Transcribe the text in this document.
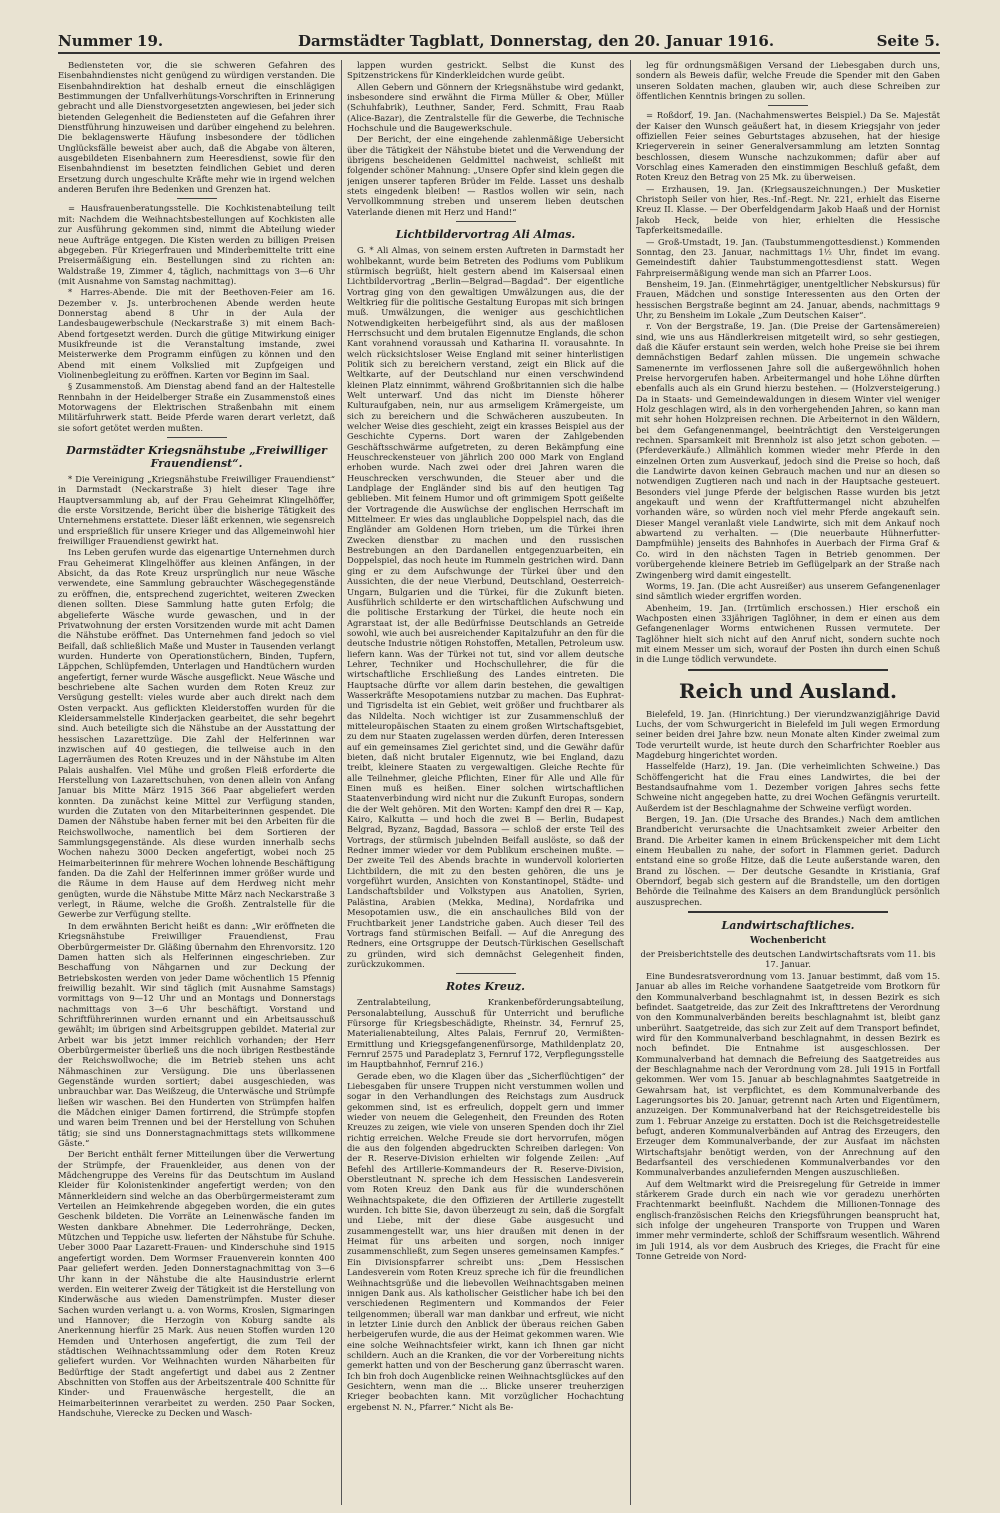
Nummer 19.	Darmstädter Tagblatt, Donnerstag, den 20. Januar 1916.	Seite 5.

Bediensteten vor, die sie schweren Gefahren des Eisenbahndienstes nicht genügend zu würdigen verstanden. Die Eisenbahndirektion hat deshalb erneut die einschlägigen Bestimmungen der Unfallverhütungs-Vorschriften in Erinnerung gebracht und alle Dienstvorgesetzten angewiesen, bei jeder sich bietenden Gelegenheit die Bediensteten auf die Gefahren ihrer Dienstführung hinzuweisen und darüber eingehend zu belehren. Die beklagenswerte Häufung insbesondere der tödlichen Unglücksfälle beweist aber auch, daß die Abgabe von älteren, ausgebildeten Eisenbahnern zum Heeresdienst, sowie für den Eisenbahndienst im besetzten feindlichen Gebiet und deren Ersetzung durch ungeschulte Kräfte mehr wie in irgend welchen anderen Berufen ihre Bedenken und Grenzen hat.

= Hausfrauenberatungsstelle. Die Kochkistenabteilung teilt mit: Nachdem die Weihnachtsbestellungen auf Kochkisten alle zur Ausführung gekommen sind, nimmt die Abteilung wieder neue Aufträge entgegen. Die Kisten werden zu billigen Preisen abgegeben. Für Kriegerfrauen und Minderbemittelte tritt eine Preisermäßigung ein. Bestellungen sind zu richten an: Waldstraße 19, Zimmer 4, täglich, nachmittags von 3—6 Uhr (mit Ausnahme von Samstag nachmittag).

* Harres-Abende. Die mit der Beethoven-Feier am 16. Dezember v. Js. unterbrochenen Abende werden heute Donnerstag abend 8 Uhr in der Aula der Landesbaugewerbschule (Neckarstraße 3) mit einem Bach-Abend fortgesetzt werden. Durch die gütige Mitwirkung einiger Musikfreunde ist die Veranstaltung imstande, zwei Meisterwerke dem Programm einfügen zu können und den Abend mit einem Volkslied mit Zupfgeigen und Violinenbegleitung zu eröffnen. Karten vor Beginn im Saal.

§ Zusammenstoß. Am Dienstag abend fand an der Haltestelle Rennbahn in der Heidelberger Straße ein Zusammenstoß eines Motorwagens der Elektrischen Straßenbahn mit einem Militärfuhrwerk statt. Beide Pferde waren derart verletzt, daß sie sofort getötet werden mußten.

Darmstädter Kriegsnähstube „Freiwilliger Frauendienst“.

* Die Vereinigung „Kriegsnähstube Freiwilliger Frauendienst“ in Darmstadt (Neckarstraße 3) hielt dieser Tage ihre Hauptversammlung ab, auf der Frau Geheimrat Klingelhöffer, die erste Vorsitzende, Bericht über die bisherige Tätigkeit des Unternehmens erstattete. Dieser läßt erkennen, wie segensreich und ersprießlich für unsere Krieger und das Allgemeinwohl hier freiwilliger Frauendienst gewirkt hat.

Ins Leben gerufen wurde das eigenartige Unternehmen durch Frau Geheimerat Klingelhöffer aus kleinen Anfängen, in der Absicht, da das Rote Kreuz ursprünglich nur neue Wäsche verwendete, eine Sammlung gebrauchter Wäschegegenstände zu eröffnen, die, entsprechend zugerichtet, weiteren Zwecken dienen sollten. Diese Sammlung hatte guten Erfolg; die abgelieferte Wäsche wurde gewaschen, und in der Privatwohnung der ersten Vorsitzenden wurde mit acht Damen die Nähstube eröffnet. Das Unternehmen fand jedoch so viel Beifall, daß schließlich Maße und Muster in Tausenden verlangt wurden. Hunderte von Operationstüchern, Binden, Tupfern, Läppchen, Schlüpfemden, Unterlagen und Handtüchern wurden angefertigt, ferner wurde Wäsche ausgeflickt. Neue Wäsche und beschriebene alte Sachen wurden dem Roten Kreuz zur Versügung gestellt: vieles wurde aber auch direkt nach dem Osten verpackt. Aus geflickten Kleiderstoffen wurden für die Kleidersammelstelle Kinderjacken gearbeitet, die sehr begehrt sind. Auch beteiligte sich die Nähstube an der Ausstattung der hessischen Lazarettzüge. Die Zahl der Helferinnen war inzwischen auf 40 gestiegen, die teilweise auch in den Lagerräumen des Roten Kreuzes und in der Nähstube im Alten Palais aushalfen. Viel Mühe und großen Fleiß erforderte die Herstellung von Lazarettschuhen, von denen allein von Anfang Januar bis Mitte März 1915 366 Paar abgeliefert werden konnten. Da zunächst keine Mittel zur Verfügung standen, wurden die Zutaten von den Mitarbeiterinnen gespendet. Die Damen der Nähstube haben ferner mit bei den Arbeiten für die Reichswollwoche, namentlich bei dem Sortieren der Sammlungsgegenstände. Als diese wurden innerhalb sechs Wochen nahezu 3000 Decken angefertigt, wobei noch 25 Heimarbeiterinnen für mehrere Wochen lohnende Beschäftigung fanden. Da die Zahl der Helferinnen immer größer wurde und die Räume in dem Hause auf dem Herdweg nicht mehr genügten, wurde die Nähstube Mitte März nach Neckarstraße 3 verlegt, in Räume, welche die Großh. Zentralstelle für die Gewerbe zur Verfügung stellte.

In dem erwähnten Bericht heißt es dann: „Wir eröffneten die Kriegsnähstube Freiwilliger Frauendienst, Frau Oberbürgermeister Dr. Gläßing übernahm den Ehrenvorsitz. 120 Damen hatten sich als Helferinnen eingeschrieben. Zur Beschaffung von Nähgarnen und zur Deckung der Betriebskosten werden von jeder Dame wöchentlich 15 Pfennig freiwillig bezahlt. Wir sind täglich (mit Ausnahme Samstags) vormittags von 9—12 Uhr und an Montags und Donnerstags nachmittags von 3—6 Uhr beschäftigt. Vorstand und Schriftführerinnen wurden ernannt und ein Arbeitsausschuß gewählt; im übrigen sind Arbeitsgruppen gebildet. Material zur Arbeit war bis jetzt immer reichlich vorhanden; der Herr Oberbürgermeister überließ uns die noch übrigen Restbestände der Reichswollwoche; die im Betrieb stehen uns acht Nähmaschinen zur Versügung. Die uns überlassenen Gegenstände wurden sortiert; dabei ausgeschieden, was unbrauchbar war. Das Weißzeug, die Unterwäsche und Strümpfe ließen wir waschen. Bei den Hunderten von Strümpfen halfen die Mädchen einiger Damen fortirrend, die Strümpfe stopfen und waren beim Trennen und bei der Herstellung von Schuhen tätig; sie sind uns Donnerstagnachmittags stets willkommene Gäste.“

Der Bericht enthält ferner Mitteilungen über die Verwertung der Strümpfe, der Frauenkleider, aus denen von der Mädchengruppe des Vereins für das Deutschtum im Ausland Kleider für Kolonistenkinder angefertigt werden; von den Männerkleidern sind welche an das Oberbürgermeisteramt zum Verteilen an Heimkehrende abgegeben worden, die ein gutes Geschenk bildeten. Die Vorräte an Leinenwäsche fanden im Westen dankbare Abnehmer. Die Lederrohränge, Decken, Mützchen und Teppiche usw. lieferten der Nähstube für Schuhe. Ueber 3000 Paar Lazarett-Frauen- und Kinderschuhe sind 1915 angefertigt worden. Dem Wormser Frauenverein konnten 400 Paar geliefert werden. Jeden Donnerstagnachmittag von 3—6 Uhr kann in der Nähstube die alte Hausindustrie erlernt werden. Ein weiterer Zweig der Tätigkeit ist die Herstellung von Kinderwäsche aus wieden Damenstrümpfen. Muster dieser Sachen wurden verlangt u. a. von Worms, Kroslen, Sigmaringen und Hannover; die Herzogin von Koburg sandte als Anerkennung hierfür 25 Mark. Aus neuen Stoffen wurden 120 Hemden und Unterhosen angefertigt, die zum Teil der städtischen Weihnachtssammlung oder dem Roten Kreuz geliefert wurden. Vor Weihnachten wurden Näharbeiten für Bedürftige der Stadt angefertigt und dabei aus 2 Zentner Abschnitten von Stoffen aus der Arbeitszentrale 400 Schnitte für Kinder- und Frauenwäsche hergestellt, die an Heimarbeiterinnen verarbeitet zu werden. 250 Paar Socken, Handschuhe, Vierecke zu Decken und Wasch-

lappen wurden gestrickt. Selbst die Kunst des Spitzenstrickens für Kinderkleidchen wurde geübt.

Allen Gebern und Gönnern der Kriegsnähstube wird gedankt, insbesondere sind erwähnt die Firma Müller & Ober, Müller (Schuhfabrik), Leuthner, Sander, Ferd. Schmitt, Frau Raab (Alice-Bazar), die Zentralstelle für die Gewerbe, die Technische Hochschule und die Baugewerkschule.

Der Bericht, der eine eingehende zahlenmäßige Uebersicht über die Tätigkeit der Nähstube bietet und die Verwendung der übrigens bescheidenen Geldmittel nachweist, schließt mit folgender schöner Mahnung: „Unsere Opfer sind klein gegen die jenigen unserer tapferen Brüder im Felde. Lasset uns deshalb stets eingedenk bleiben! — Rastlos wollen wir sein, nach Vervollkommnung streben und unserem lieben deutschen Vaterlande dienen mit Herz und Hand!“

Lichtbildervortrag Ali Almas.

G. * Ali Almas, von seinem ersten Auftreten in Darmstadt her wohlbekannt, wurde beim Betreten des Podiums vom Publikum stürmisch begrüßt, hielt gestern abend im Kaisersaal einen Lichtbildervortrag „Berlin—Belgrad—Bagdad“. Der eigentliche Vortrag ging von den gewaltigen Umwälzungen aus, die der Weltkrieg für die politische Gestaltung Europas mit sich bringen muß. Umwälzungen, die weniger aus geschichtlichen Notwendigkeiten herbeigeführt sind, als aus der maßlosen Herrschsucht und dem brutalen Eigennutze Englands, die schon Kant vorahnend voraussah und Katharina II. vorausahnte. In welch rücksichtsloser Weise England mit seiner hinterlistigen Politik sich zu bereichern verstand, zeigt ein Blick auf die Weltkarte, auf der Deutschland nur einen verschwindend kleinen Platz einnimmt, während Großbritannien sich die halbe Welt unterwarf. Und das nicht im Dienste höherer Kulturaufgaben, nein, nur aus armseligem Krämergeiste, um sich zu bereichern und die Schwächeren auszubeuten. In welcher Weise dies geschieht, zeigt ein krasses Beispiel aus der Geschichte Cyperns. Dort waren der Zahlgebenden Geschäftsschwärme aufgetreten, zu deren Bekämpfung eine Heuschreckensteuer von jährlich 200 000 Mark von England erhoben wurde. Nach zwei oder drei Jahren waren die Heuschrecken verschwunden, die Steuer aber und die Landplage der Engländer sind bis auf den heutigen Tag geblieben. Mit feinem Humor und oft grimmigem Spott geißelte der Vortragende die Auswüchse der englischen Herrschaft im Mittelmeer. Er wies das unglaubliche Doppelspiel nach, das die Engländer am Goldenen Horn trieben, um die Türkei ihren Zwecken dienstbar zu machen und den russischen Bestrebungen an den Dardanellen entgegenzuarbeiten, ein Doppelspiel, das noch heute im Rummeln gestrichen wird. Dann ging er zu dem Aufschwunge der Türkei über und den Aussichten, die der neue Vierbund, Deutschland, Oesterreich-Ungarn, Bulgarien und die Türkei, für die Zukunft bieten. Ausführlich schilderte er den wirtschaftlichen Aufschwung und die politische Erstarkung der Türkei, die heute noch ein Agrarstaat ist, der alle Bedürfnisse Deutschlands an Getreide sowohl, wie auch bei ausreichender Kapitalzufuhr an den für die deutsche Industrie nötigen Rohstoffen, Metallen, Petroleum usw. liefern kann. Was der Türkei not tut, sind vor allem deutsche Lehrer, Techniker und Hochschullehrer, die für die wirtschaftliche Erschließung des Landes eintreten. Die Hauptsache dürfte vor allem darin bestehen, die gewaltigen Wasserkräfte Mesopotamiens nutzbar zu machen. Das Euphrat- und Tigrisdelta ist ein Gebiet, weit größer und fruchtbarer als das Nildelta. Noch wichtiger ist zur Zusammenschluß der mitteleuropäischen Staaten zu einem großen Wirtschaftsgebiet, zu dem nur Staaten zugelassen werden dürfen, deren Interessen auf ein gemeinsames Ziel gerichtet sind, und die Gewähr dafür bieten, daß nicht brutaler Eigennutz, wie bei England, dazu treibt, kleinere Staaten zu vergewaltigen. Gleiche Rechte für alle Teilnehmer, gleiche Pflichten, Einer für Alle und Alle für Einen muß es heißen. Einer solchen wirtschaftlichen Staatenverbindung wird nicht nur die Zukunft Europas, sondern die der Welt gehören. Mit den Worten: Kampf den drei R — Kap, Kairo, Kalkutta — und hoch die zwei B — Berlin, Budapest Belgrad, Byzanz, Bagdad, Bassora — schloß der erste Teil des Vortrags, der stürmisch jubelnden Beifall auslöste, so daß der Redner immer wieder vor dem Publikum erscheinen mußte. — Der zweite Teil des Abends brachte in wundervoll kolorierten Lichtbildern, die mit zu den besten gehören, die uns je vorgeführt wurden, Ansichten von Konstantinopel, Städte- und Landschaftsbilder und Volkstypen aus Anatolien, Syrien, Palästina, Arabien (Mekka, Medina), Nordafrika und Mesopotamien usw., die ein anschauliches Bild von der Fruchtbarkeit jener Landstriche gaben. Auch dieser Teil des Vortrags fand stürmischen Beifall. — Auf die Anregung des Redners, eine Ortsgruppe der Deutsch-Türkischen Gesellschaft zu gründen, wird sich demnächst Gelegenheit finden, zurückzukommen.

Rotes Kreuz.

Zentralabteilung, Krankenbeförderungsabteilung, Personalabteilung, Ausschuß für Unterricht und berufliche Fürsorge für Kriegsbeschädigte, Rheinstr. 34, Fernruf 25, Materialienabteilung, Altes Palais, Fernruf 20, Vermißten-Ermittlung und Kriegsgefangenenfürsorge, Mathildenplatz 20, Fernruf 2575 und Paradeplatz 3, Fernruf 172, Verpflegungsstelle im Hauptbahnhof, Fernruf 216.)

Gerade eben, wo die Klagen über das „Sicherflüchtigen“ der Liebesgaben für unsere Truppen nicht verstummen wollen und sogar in den Verhandlungen des Reichstags zum Ausdruck gekommen sind, ist es erfreulich, doppelt gern und immer wieder von neuem die Gelegenheit, den Freunden des Roten Kreuzes zu zeigen, wie viele von unseren Spenden doch ihr Ziel richtig erreichen. Welche Freude sie dort hervorrufen, mögen die aus den folgenden abgedruckten Schreiben darlegen: Von der R. Reserve-Division erhielten wir folgende Zeilen: „Auf Befehl des Artillerie-Kommandeurs der R. Reserve-Division, Oberstleutnant N. spreche ich dem Hessischen Landesverein vom Roten Kreuz den Dank aus für die wunderschönen Weihnachtspakete, die den Offizieren der Artillerie zugestellt wurden. Ich bitte Sie, davon überzeugt zu sein, daß die Sorgfalt und Liebe, mit der diese Gabe ausgesucht und zusammengestellt war, uns hier draußen mit denen in der Heimat für uns arbeiten und sorgen, noch inniger zusammenschließt, zum Segen unseres gemeinsamen Kampfes.“ Ein Divisionspfarrer schreibt uns: „Dem Hessischen Landesverein vom Roten Kreuz spreche ich für die freundlichen Weihnachtsgrüße und die liebevollen Weihnachtsgaben meinen innigen Dank aus. Als katholischer Geistlicher habe ich bei den verschiedenen Regimentern und Kommandos der Feier teilgenommen; überall war man dankbar und erfreut, wie nicht in letzter Linie durch den Anblick der überaus reichen Gaben herbeigerufen wurde, die aus der Heimat gekommen waren. Wie eine solche Weihnachtsfeier wirkt, kann ich Ihnen gar nicht schildern. Auch an die Kranken, die vor der Vorbereitung nichts gemerkt hatten und von der Bescherung ganz überrascht waren. Ich bin froh doch Augenblicke reinen Weihnachtsglückes auf den Gesichtern, wenn man die ... Blicke unserer treuherzigen Krieger beobachten kann. Mit vorzüglicher Hochachtung ergebenst N. N., Pfarrer.“ Nicht als Be-

leg für ordnungsmäßigen Versand der Liebesgaben durch uns, sondern als Beweis dafür, welche Freude die Spender mit den Gaben unseren Soldaten machen, glauben wir, auch diese Schreiben zur öffentlichen Kenntnis bringen zu sollen.

= Roßdorf, 19. Jan. (Nachahmenswertes Beispiel.) Da Se. Majestät der Kaiser den Wunsch geäußert hat, in diesem Kriegsjahr von jeder offiziellen Feier seines Geburtstages abzusehen, hat der hiesige Kriegerverein in seiner Generalversammlung am letzten Sonntag beschlossen, diesem Wunsche nachzukommen; dafür aber auf Vorschlag eines Kameraden den einstimmigen Beschluß gefaßt, dem Roten Kreuz den Betrag von 25 Mk. zu überweisen.

— Erzhausen, 19. Jan. (Kriegsauszeichnungen.) Der Musketier Christoph Seiler von hier, Res.-Inf.-Regt. Nr. 221, erhielt das Eiserne Kreuz II. Klasse. — Der Oberfeldgendarm Jakob Haaß und der Hornist Jakob Heck, beide von hier, erhielten die Hessische Tapferkeitsmedaille.

— Groß-Umstadt, 19. Jan. (Taubstummengottesdienst.) Kommenden Sonntag, den 23. Januar, nachmittags 1½ Uhr, findet im evang. Gemeindestift dahier Taubstummengottesdienst statt. Wegen Fahrpreisermäßigung wende man sich an Pfarrer Loos.

Bensheim, 19. Jan. (Einmehrtägiger, unentgeltlicher Nebskursus) für Frauen, Mädchen und sonstige Interessenten aus den Orten der hessischen Bergstraße beginnt am 24. Januar, abends, nachmittags 9 Uhr, zu Bensheim im Lokale „Zum Deutschen Kaiser“.

r. Von der Bergstraße, 19. Jan. (Die Preise der Gartensämereien) sind, wie uns aus Händlerkreisen mitgeteilt wird, so sehr gestiegen, daß die Käufer erstaunt sein werden, welch hohe Preise sie bei ihrem demnächstigen Bedarf zahlen müssen. Die ungemein schwache Samenernte im verflossenen Jahre soll die außergewöhnlich hohen Preise hervorgerufen haben. Arbeitermangel und hohe Löhne dürften ebenfalls auch als ein Grund hierzu bestehen. — (Holzversteigerung.) Da in Staats- und Gemeindewaldungen in diesem Winter viel weniger Holz geschlagen wird, als in den vorhergehenden Jahren, so kann man mit sehr hohen Holzpreisen rechnen. Die Arbeiternot in den Wäldern, bei dem Gefangenenmangel, beeinträchtigt den Versteigerungen rechnen. Sparsamkeit mit Brennholz ist also jetzt schon geboten. — (Pferdeverkäufe.) Allmählich kommen wieder mehr Pferde in den einzelnen Orten zum Ausverkauf, jedoch sind die Preise so hoch, daß die Landwirte davon keinen Gebrauch machen und nur an diesen so notwendigen Zugtieren nach und nach in der Hauptsache gesteuert. Besonders viel junge Pferde der belgischen Rasse wurden bis jetzt angekauft und wenn der Kraftfuttermangel nicht abzuhelfen vorhanden wäre, so würden noch viel mehr Pferde angekauft sein. Dieser Mangel veranlaßt viele Landwirte, sich mit dem Ankauf noch abwartend zu verhalten. — (Die neuerbaute Hühnerfutter-Dampfmühle) jenseits des Bahnhofes in Auerbach der Firma Graf & Co. wird in den nächsten Tagen in Betrieb genommen. Der vorübergehende kleinere Betrieb im Geflügelpark an der Straße nach Zwingenberg wird damit eingestellt.

Worms, 19. Jan. (Die acht Ausreißer) aus unserem Gefangenenlager sind sämtlich wieder ergriffen worden.

Abenheim, 19. Jan. (Irrtümlich erschossen.) Hier erschoß ein Wachposten einen 33jährigen Taglöhner, in dem er einen aus dem Gefangenenlager Worms entwichenen Russen vermutete. Der Taglöhner hielt sich nicht auf den Anruf nicht, sondern suchte noch mit einem Messer um sich, worauf der Posten ihn durch einen Schuß in die Lunge tödlich verwundete.

Reich und Ausland.

Bielefeld, 19. Jan. (Hinrichtung.) Der vierundzwanzigjährige David Luchs, der vom Schwurgericht in Bielefeld im Juli wegen Ermordung seiner beiden drei Jahre bzw. neun Monate alten Kinder zweimal zum Tode verurteilt wurde, ist heute durch den Scharfrichter Roebler aus Magdeburg hingerichtet worden.

Hasselfelde (Harz), 19. Jan. (Die verheimlichten Schweine.) Das Schöffengericht hat die Frau eines Landwirtes, die bei der Bestandsaufnahme vom 1. Dezember vorigen Jahres sechs fette Schweine nicht angegeben hatte, zu drei Wochen Gefängnis verurteilt. Außerdem ist der Beschlagnahme der Schweine verfügt worden.

Bergen, 19. Jan. (Die Ursache des Brandes.) Nach dem amtlichen Brandbericht verursachte die Unachtsamkeit zweier Arbeiter den Brand. Die Arbeiter kamen in einem Brückenspeicher mit dem Licht einem Heuballen zu nahe, der sofort in Flammen geriet. Dadurch entstand eine so große Hitze, daß die Leute außerstande waren, den Brand zu löschen. — Der deutsche Gesandte in Kristiania, Graf Oberndorf, begab sich gestern auf die Brandstelle, um den dortigen Behörde die Teilnahme des Kaisers an dem Brandunglück persönlich auszusprechen.

Landwirtschaftliches.
Wochenbericht

der Preisberichtstelle des deutschen Landwirtschaftsrats vom 11. bis 17. Januar.

Eine Bundesratsverordnung vom 13. Januar bestimmt, daß vom 15. Januar ab alles im Reiche vorhandene Saatgetreide vom Brotkorn für den Kommunalverband beschlagnahmt ist, in dessen Bezirk es sich befindet. Saatgetreide, das zur Zeit des Inkrafttretens der Verordnung von den Kommunalverbänden bereits beschlagnahmt ist, bleibt ganz unberührt. Saatgetreide, das sich zur Zeit auf dem Transport befindet, wird für den Kommunalverband beschlagnahmt, in dessen Bezirk es noch befindet. Die Entnahme ist ausgeschlossen. Der Kommunalverband hat demnach die Befreiung des Saatgetreides aus der Beschlagnahme nach der Verordnung vom 28. Juli 1915 in Fortfall gekommen. Wer vom 15. Januar ab beschlagnahmtes Saatgetreide in Gewahrsam hat, ist verpflichtet, es dem Kommunalverbande des Lagerungsortes bis 20. Januar, getrennt nach Arten und Eigentümern, anzuzeigen. Der Kommunalverband hat der Reichsgetreidestelle bis zum 1. Februar Anzeige zu erstatten. Doch ist die Reichsgetreidestelle befugt, anderen Kommunalverbänden auf Antrag des Erzeugers, den Erzeuger dem Kommunalverbande, der zur Ausfaat im nächsten Wirtschaftsjahr benötigt werden, von der Anrechnung auf den Bedarfsanteil des verschiedenen Kommunalverbandes vor den Kommunalverbandes anzuliefernden Mengen auszuschließen.

Auf dem Weltmarkt wird die Preisregelung für Getreide in immer stärkerem Grade durch ein nach wie vor geradezu unerhörten Frachtenmarkt beeinflußt. Nachdem die Millionen-Tonnage des englisch-französischen Reichs den Kriegsführungen beansprucht hat, sich infolge der ungeheuren Transporte von Truppen und Waren immer mehr verminderte, schloß der Schiffsraum wesentlich. Während im Juli 1914, als vor dem Ausbruch des Krieges, die Fracht für eine Tonne Getreide von Nord-
